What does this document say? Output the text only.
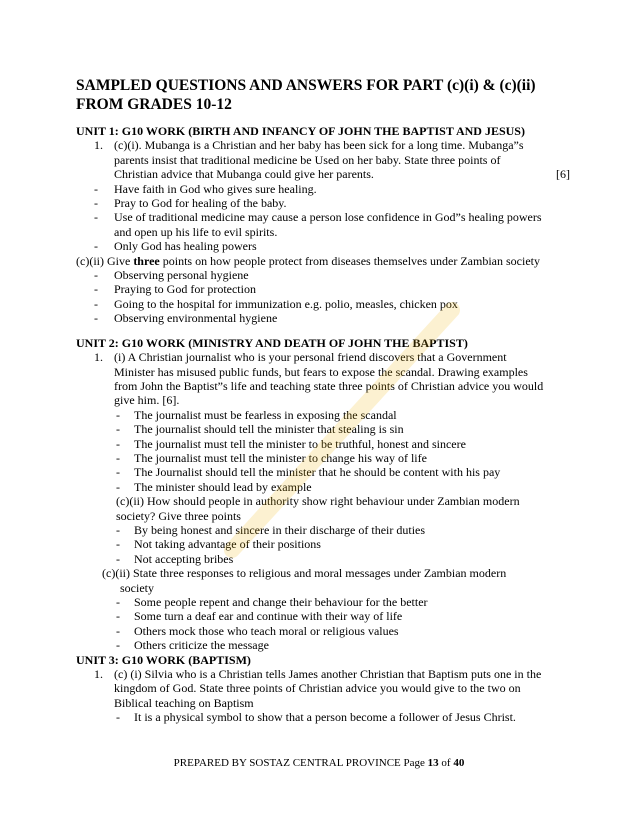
SAMPLED QUESTIONS AND ANSWERS FOR PART (c)(i) & (c)(ii) FROM GRADES 10-12
UNIT 1: G10 WORK (BIRTH AND INFANCY OF JOHN THE BAPTIST AND JESUS)
1. (c)(i). Mubanga is a Christian and her baby has been sick for a long time. Mubanga”s
parents insist that traditional medicine be Used on her baby. State three points of
Christian advice that Mubanga could give her parents.	[6]
- Have faith in God who gives sure healing.
- Pray to God for healing of the baby.
- Use of traditional medicine may cause a person lose confidence in God”s healing powers
and open up his life to evil spirits.
- Only God has healing powers
(c)(ii) Give three points on how people protect from diseases themselves under Zambian society
- Observing personal hygiene
- Praying to God for protection
- Going to the hospital for immunization e.g. polio, measles, chicken pox
- Observing environmental hygiene
UNIT 2: G10 WORK (MINISTRY AND DEATH OF JOHN THE BAPTIST)
1. (i) A Christian journalist who is your personal friend discovers that a Government
Minister has misused public funds, but fears to expose the scandal. Drawing examples
from John the Baptist”s life and teaching state three points of Christian advice you would
give him. [6].
- The journalist must be fearless in exposing the scandal
- The journalist should tell the minister that stealing is sin
- The journalist must tell the minister to be truthful, honest and sincere
- The journalist must tell the minister to change his way of life
- The Journalist should tell the minister that he should be content with his pay
- The minister should lead by example
(c)(ii) How should people in authority show right behaviour under Zambian modern
society? Give three points
- By being honest and sincere in their discharge of their duties
- Not taking advantage of their positions
- Not accepting bribes
(c)(ii) State three responses to religious and moral messages under Zambian modern
society
- Some people repent and change their behaviour for the better
- Some turn a deaf ear and continue with their way of life
- Others mock those who teach moral or religious values
- Others criticize the message
UNIT 3: G10 WORK (BAPTISM)
1. (c) (i) Silvia who is a Christian tells James another Christian that Baptism puts one in the
kingdom of God. State three points of Christian advice you would give to the two on
Biblical teaching on Baptism
- It is a physical symbol to show that a person become a follower of Jesus Christ.
PREPARED BY SOSTAZ CENTRAL PROVINCE Page 13 of 40
